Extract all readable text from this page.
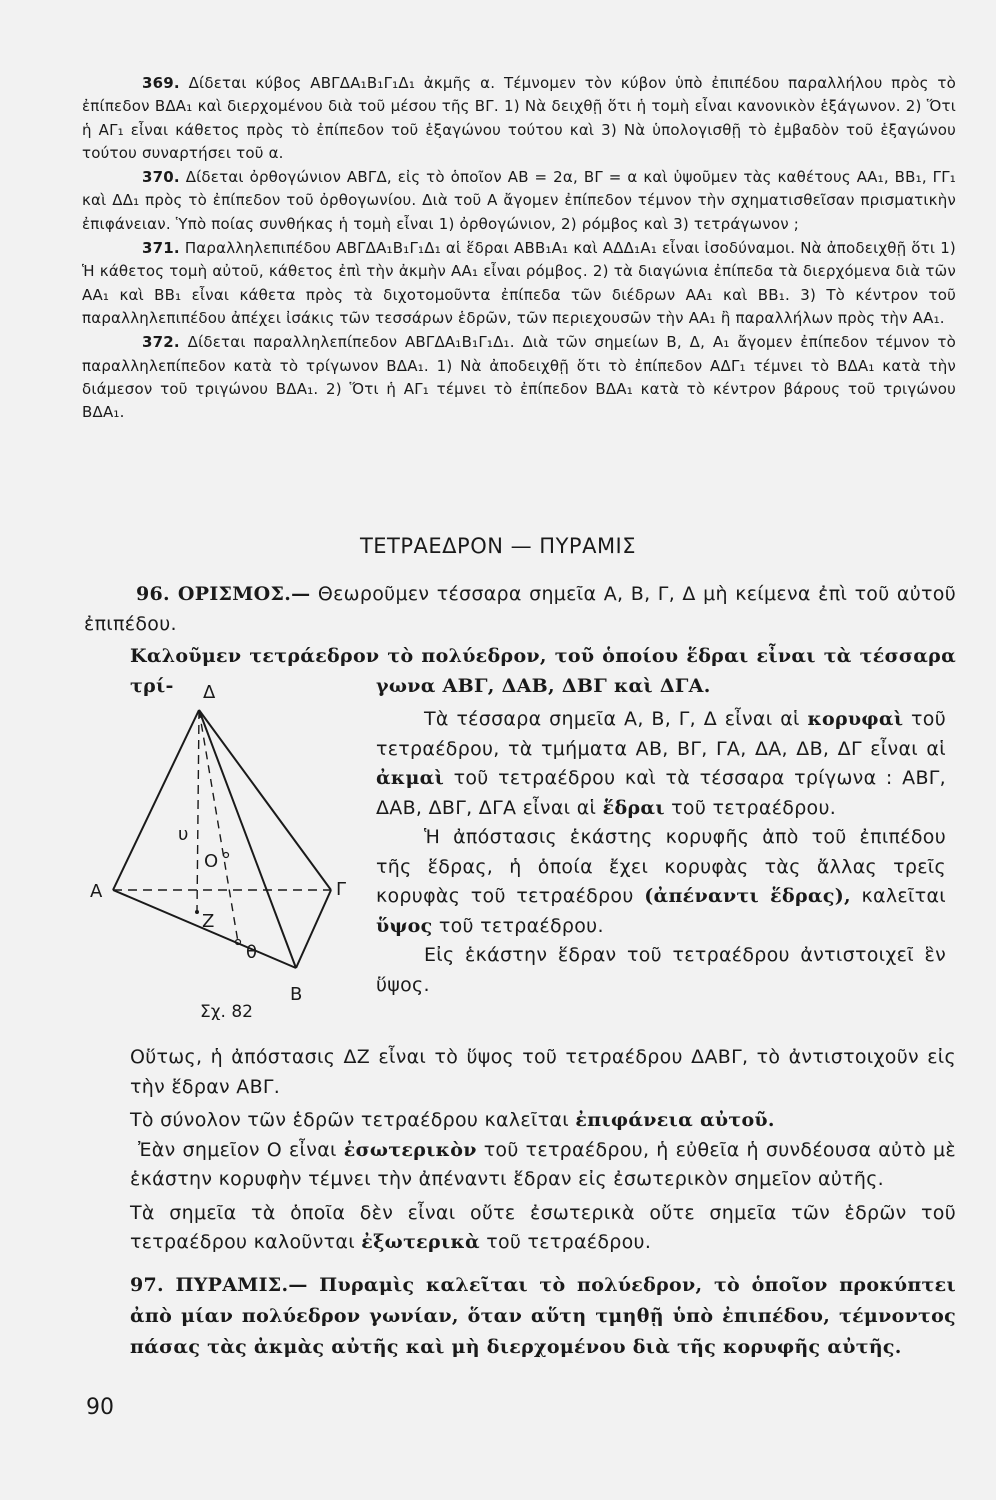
369. Δίδεται κύβος ΑΒΓΔΑ₁Β₁Γ₁Δ₁ ἀκμῆς α. Τέμνομεν τὸν κύβον ὑπὸ ἐπιπέδου παραλλήλου πρὸς τὸ ἐπίπεδον ΒΔΑ₁ καὶ διερχομένου διὰ τοῦ μέσου τῆς ΒΓ. 1) Νὰ δειχθῇ ὅτι ἡ τομὴ εἶναι κανονικὸν ἑξάγωνον. 2) Ὅτι ἡ ΑΓ₁ εἶναι κάθετος πρὸς τὸ ἐπίπεδον τοῦ ἑξαγώνου τούτου καὶ 3) Νὰ ὑπολογισθῇ τὸ ἐμβαδὸν τοῦ ἑξαγώνου τούτου συναρτήσει τοῦ α.

370. Δίδεται ὀρθογώνιον ΑΒΓΔ, εἰς τὸ ὁποῖον ΑΒ = 2α, ΒΓ = α καὶ ὑψοῦμεν τὰς καθέτους ΑΑ₁, ΒΒ₁, ΓΓ₁ καὶ ΔΔ₁ πρὸς τὸ ἐπίπεδον τοῦ ὀρθογωνίου. Διὰ τοῦ Α ἄγομεν ἐπίπεδον τέμνον τὴν σχηματισθεῖσαν πρισματικὴν ἐπιφάνειαν. Ὑπὸ ποίας συνθήκας ἡ τομὴ εἶναι 1) ὀρθογώνιον, 2) ρόμβος καὶ 3) τετράγωνον ;

371. Παραλληλεπιπέδου ΑΒΓΔΑ₁Β₁Γ₁Δ₁ αἱ ἕδραι ΑΒΒ₁Α₁ καὶ ΑΔΔ₁Α₁ εἶναι ἰσοδύναμοι. Νὰ ἀποδειχθῇ ὅτι 1) Ἡ κάθετος τομὴ αὐτοῦ, κάθετος ἐπὶ τὴν ἀκμὴν ΑΑ₁ εἶναι ρόμβος. 2) τὰ διαγώνια ἐπίπεδα τὰ διερχόμενα διὰ τῶν ΑΑ₁ καὶ ΒΒ₁ εἶναι κάθετα πρὸς τὰ διχοτομοῦντα ἐπίπεδα τῶν διέδρων ΑΑ₁ καὶ ΒΒ₁. 3) Τὸ κέντρον τοῦ παραλληλεπιπέδου ἀπέχει ἰσάκις τῶν τεσσάρων ἑδρῶν, τῶν περιεχουσῶν τὴν ΑΑ₁ ἢ παραλλήλων πρὸς τὴν ΑΑ₁.

372. Δίδεται παραλληλεπίπεδον ΑΒΓΔΑ₁Β₁Γ₁Δ₁. Διὰ τῶν σημείων Β, Δ, Α₁ ἄγομεν ἐπίπεδον τέμνον τὸ παραλληλεπίπεδον κατὰ τὸ τρίγωνον ΒΔΑ₁. 1) Νὰ ἀποδειχθῇ ὅτι τὸ ἐπίπεδον ΑΔΓ₁ τέμνει τὸ ΒΔΑ₁ κατὰ τὴν διάμεσον τοῦ τριγώνου ΒΔΑ₁. 2) Ὅτι ἡ ΑΓ₁ τέμνει τὸ ἐπίπεδον ΒΔΑ₁ κατὰ τὸ κέντρον βάρους τοῦ τριγώνου ΒΔΑ₁.

ΤΕΤΡΑΕΔΡΟΝ — ΠΥΡΑΜΙΣ
96. ΟΡΙΣΜΟΣ.— Θεωροῦμεν τέσσαρα σημεῖα Α, Β, Γ, Δ μὴ κείμενα ἐπὶ τοῦ αὐτοῦ ἐπιπέδου.
Καλοῦμεν τετράεδρον τὸ πολύεδρον, τοῦ ὁποίου ἕδραι εἶναι τὰ τέσσαρα τρί-	γωνα ΑΒΓ, ΔΑΒ, ΔΒΓ καὶ ΔΓΑ.
Δ
Α	Γ
Β
Ο
Ζ
θ
υ
Σχ. 82
Τὰ τέσσαρα σημεῖα Α, Β, Γ, Δ εἶναι αἱ κορυφαὶ τοῦ τετραέδρου, τὰ τμήματα ΑΒ, ΒΓ, ΓΑ, ΔΑ, ΔΒ, ΔΓ εἶναι αἱ ἀκμαὶ τοῦ τετραέδρου καὶ τὰ τέσσαρα τρίγωνα : ΑΒΓ, ΔΑΒ, ΔΒΓ, ΔΓΑ εἶναι αἱ ἕδραι τοῦ τετραέδρου.
Ἡ ἀπόστασις ἑκάστης κορυφῆς ἀπὸ τοῦ ἐπιπέδου τῆς ἕδρας, ἡ ὁποία ἔχει κορυφὰς τὰς ἄλλας τρεῖς κορυφὰς τοῦ τετραέδρου (ἀπέναντι ἕδρας), καλεῖται ὕψος τοῦ τετραέδρου.
Εἰς ἑκάστην ἕδραν τοῦ τετραέδρου ἀντιστοιχεῖ ἓν ὕψος.
Οὕτως, ἡ ἀπόστασις ΔΖ εἶναι τὸ ὕψος τοῦ τετραέδρου ΔΑΒΓ, τὸ ἀντιστοιχοῦν εἰς τὴν ἕδραν ΑΒΓ.
Τὸ σύνολον τῶν ἑδρῶν τετραέδρου καλεῖται ἐπιφάνεια αὐτοῦ.
Ἐὰν σημεῖον Ο εἶναι ἐσωτερικὸν τοῦ τετραέδρου, ἡ εὐθεῖα ἡ συνδέουσα αὐτὸ μὲ ἑκάστην κορυφὴν τέμνει τὴν ἀπέναντι ἕδραν εἰς ἐσωτερικὸν σημεῖον αὐτῆς.
Τὰ σημεῖα τὰ ὁποῖα δὲν εἶναι οὔτε ἐσωτερικὰ οὔτε σημεῖα τῶν ἑδρῶν τοῦ τετραέδρου καλοῦνται ἐξωτερικὰ τοῦ τετραέδρου.
97. ΠΥΡΑΜΙΣ.— Πυραμὶς καλεῖται τὸ πολύεδρον, τὸ ὁποῖον προκύπτει ἀπὸ μίαν πολύεδρον γωνίαν, ὅταν αὕτη τμηθῇ ὑπὸ ἐπιπέδου, τέμνοντος πάσας τὰς ἀκμὰς αὐτῆς καὶ μὴ διερχομένου διὰ τῆς κορυφῆς αὐτῆς.
90
